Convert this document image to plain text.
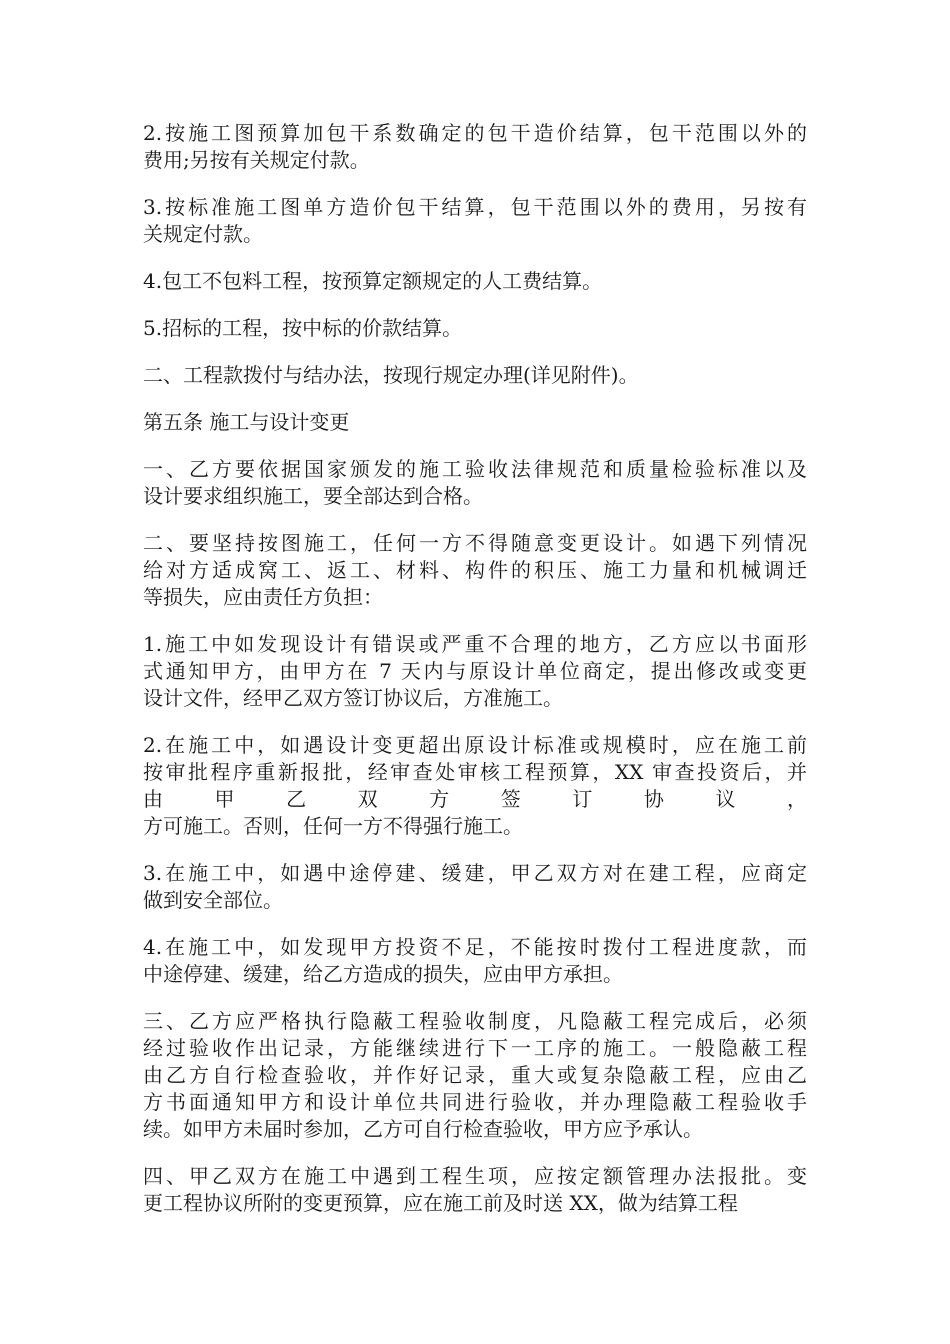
2.按施工图预算加包干系数确定的包干造价结算，包干范围以外的
费用;另按有关规定付款。
3.按标准施工图单方造价包干结算，包干范围以外的费用，另按有
关规定付款。
4.包工不包料工程，按预算定额规定的人工费结算。
5.招标的工程，按中标的价款结算。
二、工程款拨付与结办法，按现行规定办理(详见附件)。
第五条 施工与设计变更
一、乙方要依据国家颁发的施工验收法律规范和质量检验标准以及
设计要求组织施工，要全部达到合格。
二、要坚持按图施工，任何一方不得随意变更设计。如遇下列情况
给对方适成窝工、返工、材料、构件的积压、施工力量和机械调迁
等损失，应由责任方负担：
1.施工中如发现设计有错误或严重不合理的地方，乙方应以书面形
式通知甲方，由甲方在 7 天内与原设计单位商定，提出修改或变更
设计文件，经甲乙双方签订协议后，方准施工。
2.在施工中，如遇设计变更超出原设计标准或规模时，应在施工前
按审批程序重新报批，经审查处审核工程预算，XX 审查投资后，并
由甲乙双方签订协议，
方可施工。否则，任何一方不得强行施工。
3.在施工中，如遇中途停建、缓建，甲乙双方对在建工程，应商定
做到安全部位。
4.在施工中，如发现甲方投资不足，不能按时拨付工程进度款，而
中途停建、缓建，给乙方造成的损失，应由甲方承担。
三、乙方应严格执行隐蔽工程验收制度，凡隐蔽工程完成后，必须
经过验收作出记录，方能继续进行下一工序的施工。一般隐蔽工程
由乙方自行检查验收，并作好记录，重大或复杂隐蔽工程，应由乙
方书面通知甲方和设计单位共同进行验收，并办理隐蔽工程验收手
续。如甲方未届时参加，乙方可自行检查验收，甲方应予承认。
四、甲乙双方在施工中遇到工程生项，应按定额管理办法报批。变
更工程协议所附的变更预算，应在施工前及时送 XX，做为结算工程
